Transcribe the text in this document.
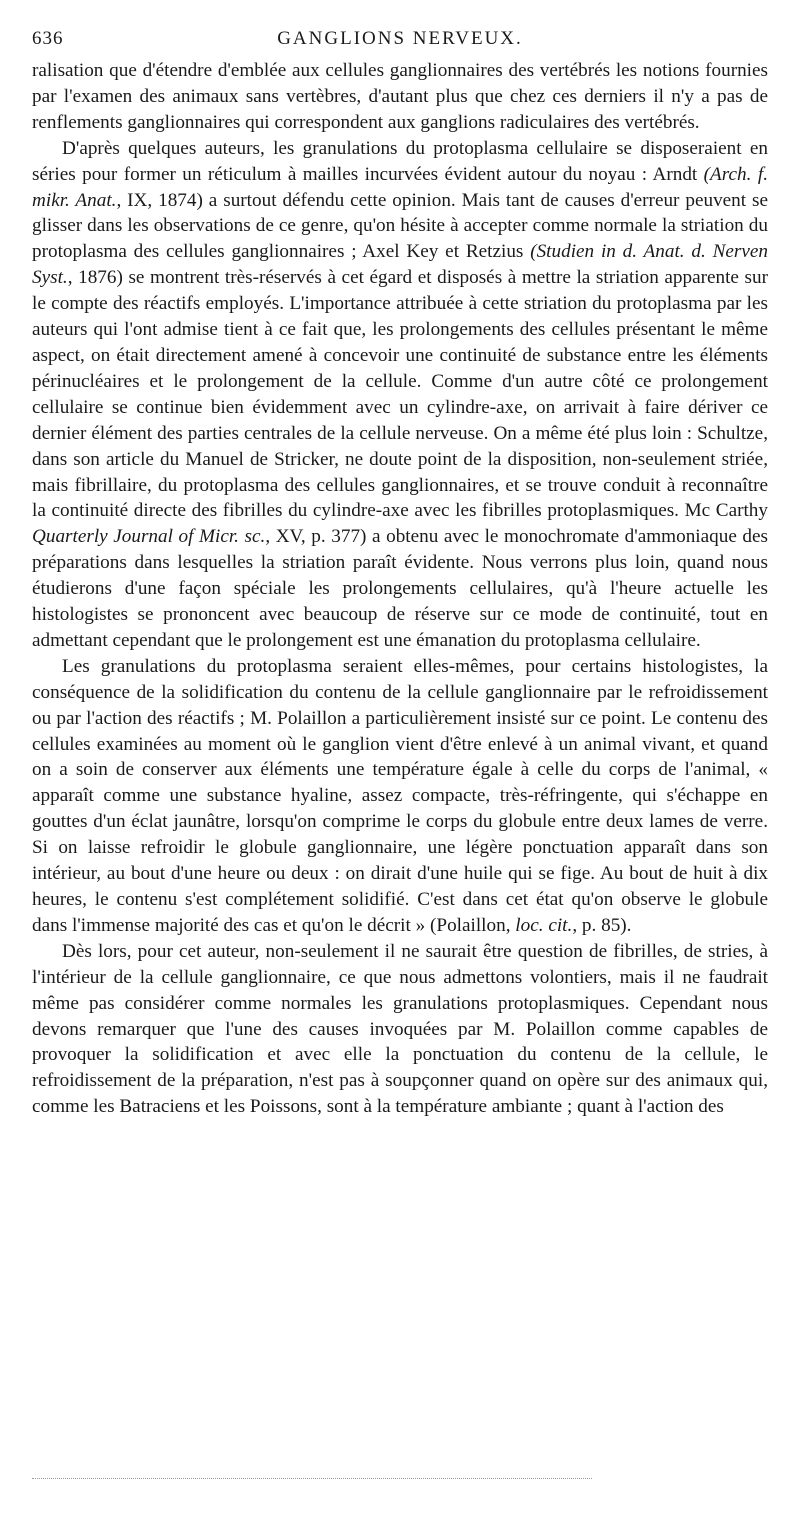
636	GANGLIONS NERVEUX.

ralisation que d'étendre d'emblée aux cellules ganglionnaires des vertébrés les notions fournies par l'examen des animaux sans vertèbres, d'autant plus que chez ces derniers il n'y a pas de renflements ganglionnaires qui correspondent aux ganglions radiculaires des vertébrés.

D'après quelques auteurs, les granulations du protoplasma cellulaire se disposeraient en séries pour former un réticulum à mailles incurvées évident autour du noyau : Arndt (Arch. f. mikr. Anat., IX, 1874) a surtout défendu cette opinion. Mais tant de causes d'erreur peuvent se glisser dans les observations de ce genre, qu'on hésite à accepter comme normale la striation du protoplasma des cellules ganglionnaires ; Axel Key et Retzius (Studien in d. Anat. d. Nerven Syst., 1876) se montrent très-réservés à cet égard et disposés à mettre la striation apparente sur le compte des réactifs employés. L'importance attribuée à cette striation du protoplasma par les auteurs qui l'ont admise tient à ce fait que, les prolongements des cellules présentant le même aspect, on était directement amené à concevoir une continuité de substance entre les éléments périnucléaires et le prolongement de la cellule. Comme d'un autre côté ce prolongement cellulaire se continue bien évidemment avec un cylindre-axe, on arrivait à faire dériver ce dernier élément des parties centrales de la cellule nerveuse. On a même été plus loin : Schultze, dans son article du Manuel de Stricker, ne doute point de la disposition, non-seulement striée, mais fibrillaire, du protoplasma des cellules ganglionnaires, et se trouve conduit à reconnaître la continuité directe des fibrilles du cylindre-axe avec les fibrilles protoplasmiques. Mc Carthy Quarterly Journal of Micr. sc., XV, p. 377) a obtenu avec le monochromate d'ammoniaque des préparations dans lesquelles la striation paraît évidente. Nous verrons plus loin, quand nous étudierons d'une façon spéciale les prolongements cellulaires, qu'à l'heure actuelle les histologistes se prononcent avec beaucoup de réserve sur ce mode de continuité, tout en admettant cependant que le prolongement est une émanation du protoplasma cellulaire.

Les granulations du protoplasma seraient elles-mêmes, pour certains histologistes, la conséquence de la solidification du contenu de la cellule ganglionnaire par le refroidissement ou par l'action des réactifs ; M. Polaillon a particulièrement insisté sur ce point. Le contenu des cellules examinées au moment où le ganglion vient d'être enlevé à un animal vivant, et quand on a soin de conserver aux éléments une température égale à celle du corps de l'animal, « apparaît comme une substance hyaline, assez compacte, très-réfringente, qui s'échappe en gouttes d'un éclat jaunâtre, lorsqu'on comprime le corps du globule entre deux lames de verre. Si on laisse refroidir le globule ganglionnaire, une légère ponctuation apparaît dans son intérieur, au bout d'une heure ou deux : on dirait d'une huile qui se fige. Au bout de huit à dix heures, le contenu s'est complétement solidifié. C'est dans cet état qu'on observe le globule dans l'immense majorité des cas et qu'on le décrit » (Polaillon, loc. cit., p. 85).

Dès lors, pour cet auteur, non-seulement il ne saurait être question de fibrilles, de stries, à l'intérieur de la cellule ganglionnaire, ce que nous admettons volontiers, mais il ne faudrait même pas considérer comme normales les granulations protoplasmiques. Cependant nous devons remarquer que l'une des causes invoquées par M. Polaillon comme capables de provoquer la solidification et avec elle la ponctuation du contenu de la cellule, le refroidissement de la préparation, n'est pas à soupçonner quand on opère sur des animaux qui, comme les Batraciens et les Poissons, sont à la température ambiante ; quant à l'action des
